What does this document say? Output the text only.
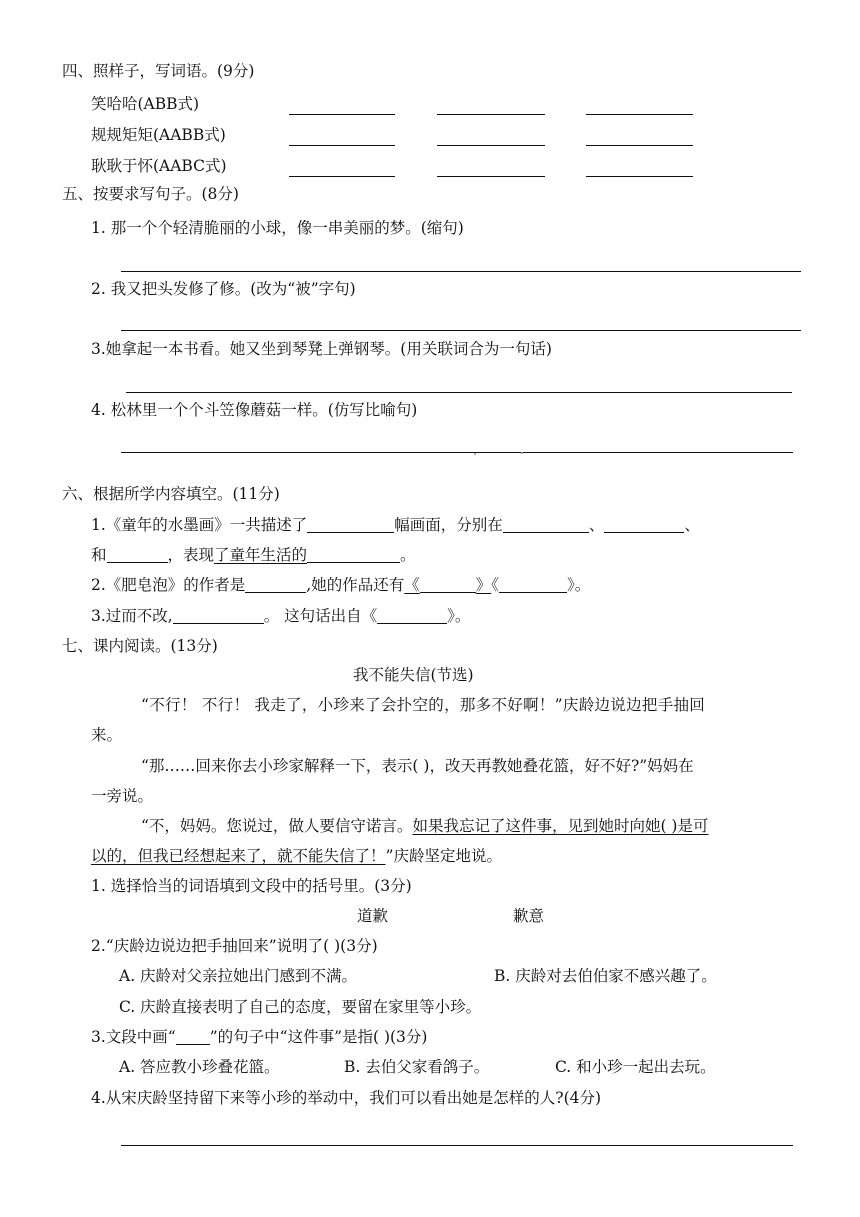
四、照样子，写词语。(9分)
笑哈哈(ABB式)
规规矩矩(AABB式)
耿耿于怀(AABC式)
五、按要求写句子。(8分)
1. 那一个个轻清脆丽的小球，像一串美丽的梦。(缩句)
2. 我又把头发修了修。(改为“被”字句)
3.她拿起一本书看。她又坐到琴凳上弹钢琴。(用关联词合为一句话)
4. 松林里一个个斗笠像蘑菇一样。(仿写比喻句)
六、根据所学内容填空。(11分)
1.《童年的水墨画》一共描述了	幅画面，分别在	、	、
和	，表现了童年生活的	。
2.《肥皂泡》的作者是	,她的作品还有《	》《	》。
3.过而不改,	。 这句话出自《	》。
七、课内阅读。(13分)
我不能失信(节选)
“不行！ 不行！ 我走了，小珍来了会扑空的，那多不好啊！”庆龄边说边把手抽回
来。
“那……回来你去小珍家解释一下，表示( )，改天再教她叠花篮，好不好?”妈妈在
一旁说。
“不，妈妈。您说过，做人要信守诺言。如果我忘记了这件事，见到她时向她( )是可
以的，但我已经想起来了，就不能失信了！”庆龄坚定地说。
1. 选择恰当的词语填到文段中的括号里。(3分)
道歉	歉意
2.“庆龄边说边把手抽回来”说明了( )(3分)
A. 庆龄对父亲拉她出门感到不满。	B. 庆龄对去伯伯家不感兴趣了。
C. 庆龄直接表明了自己的态度，要留在家里等小珍。
3.文段中画“ ”的句子中“这件事”是指( )(3分)
A. 答应教小珍叠花篮。	B. 去伯父家看鸽子。	C. 和小珍一起出去玩。
4.从宋庆龄坚持留下来等小珍的举动中，我们可以看出她是怎样的人?(4分)
